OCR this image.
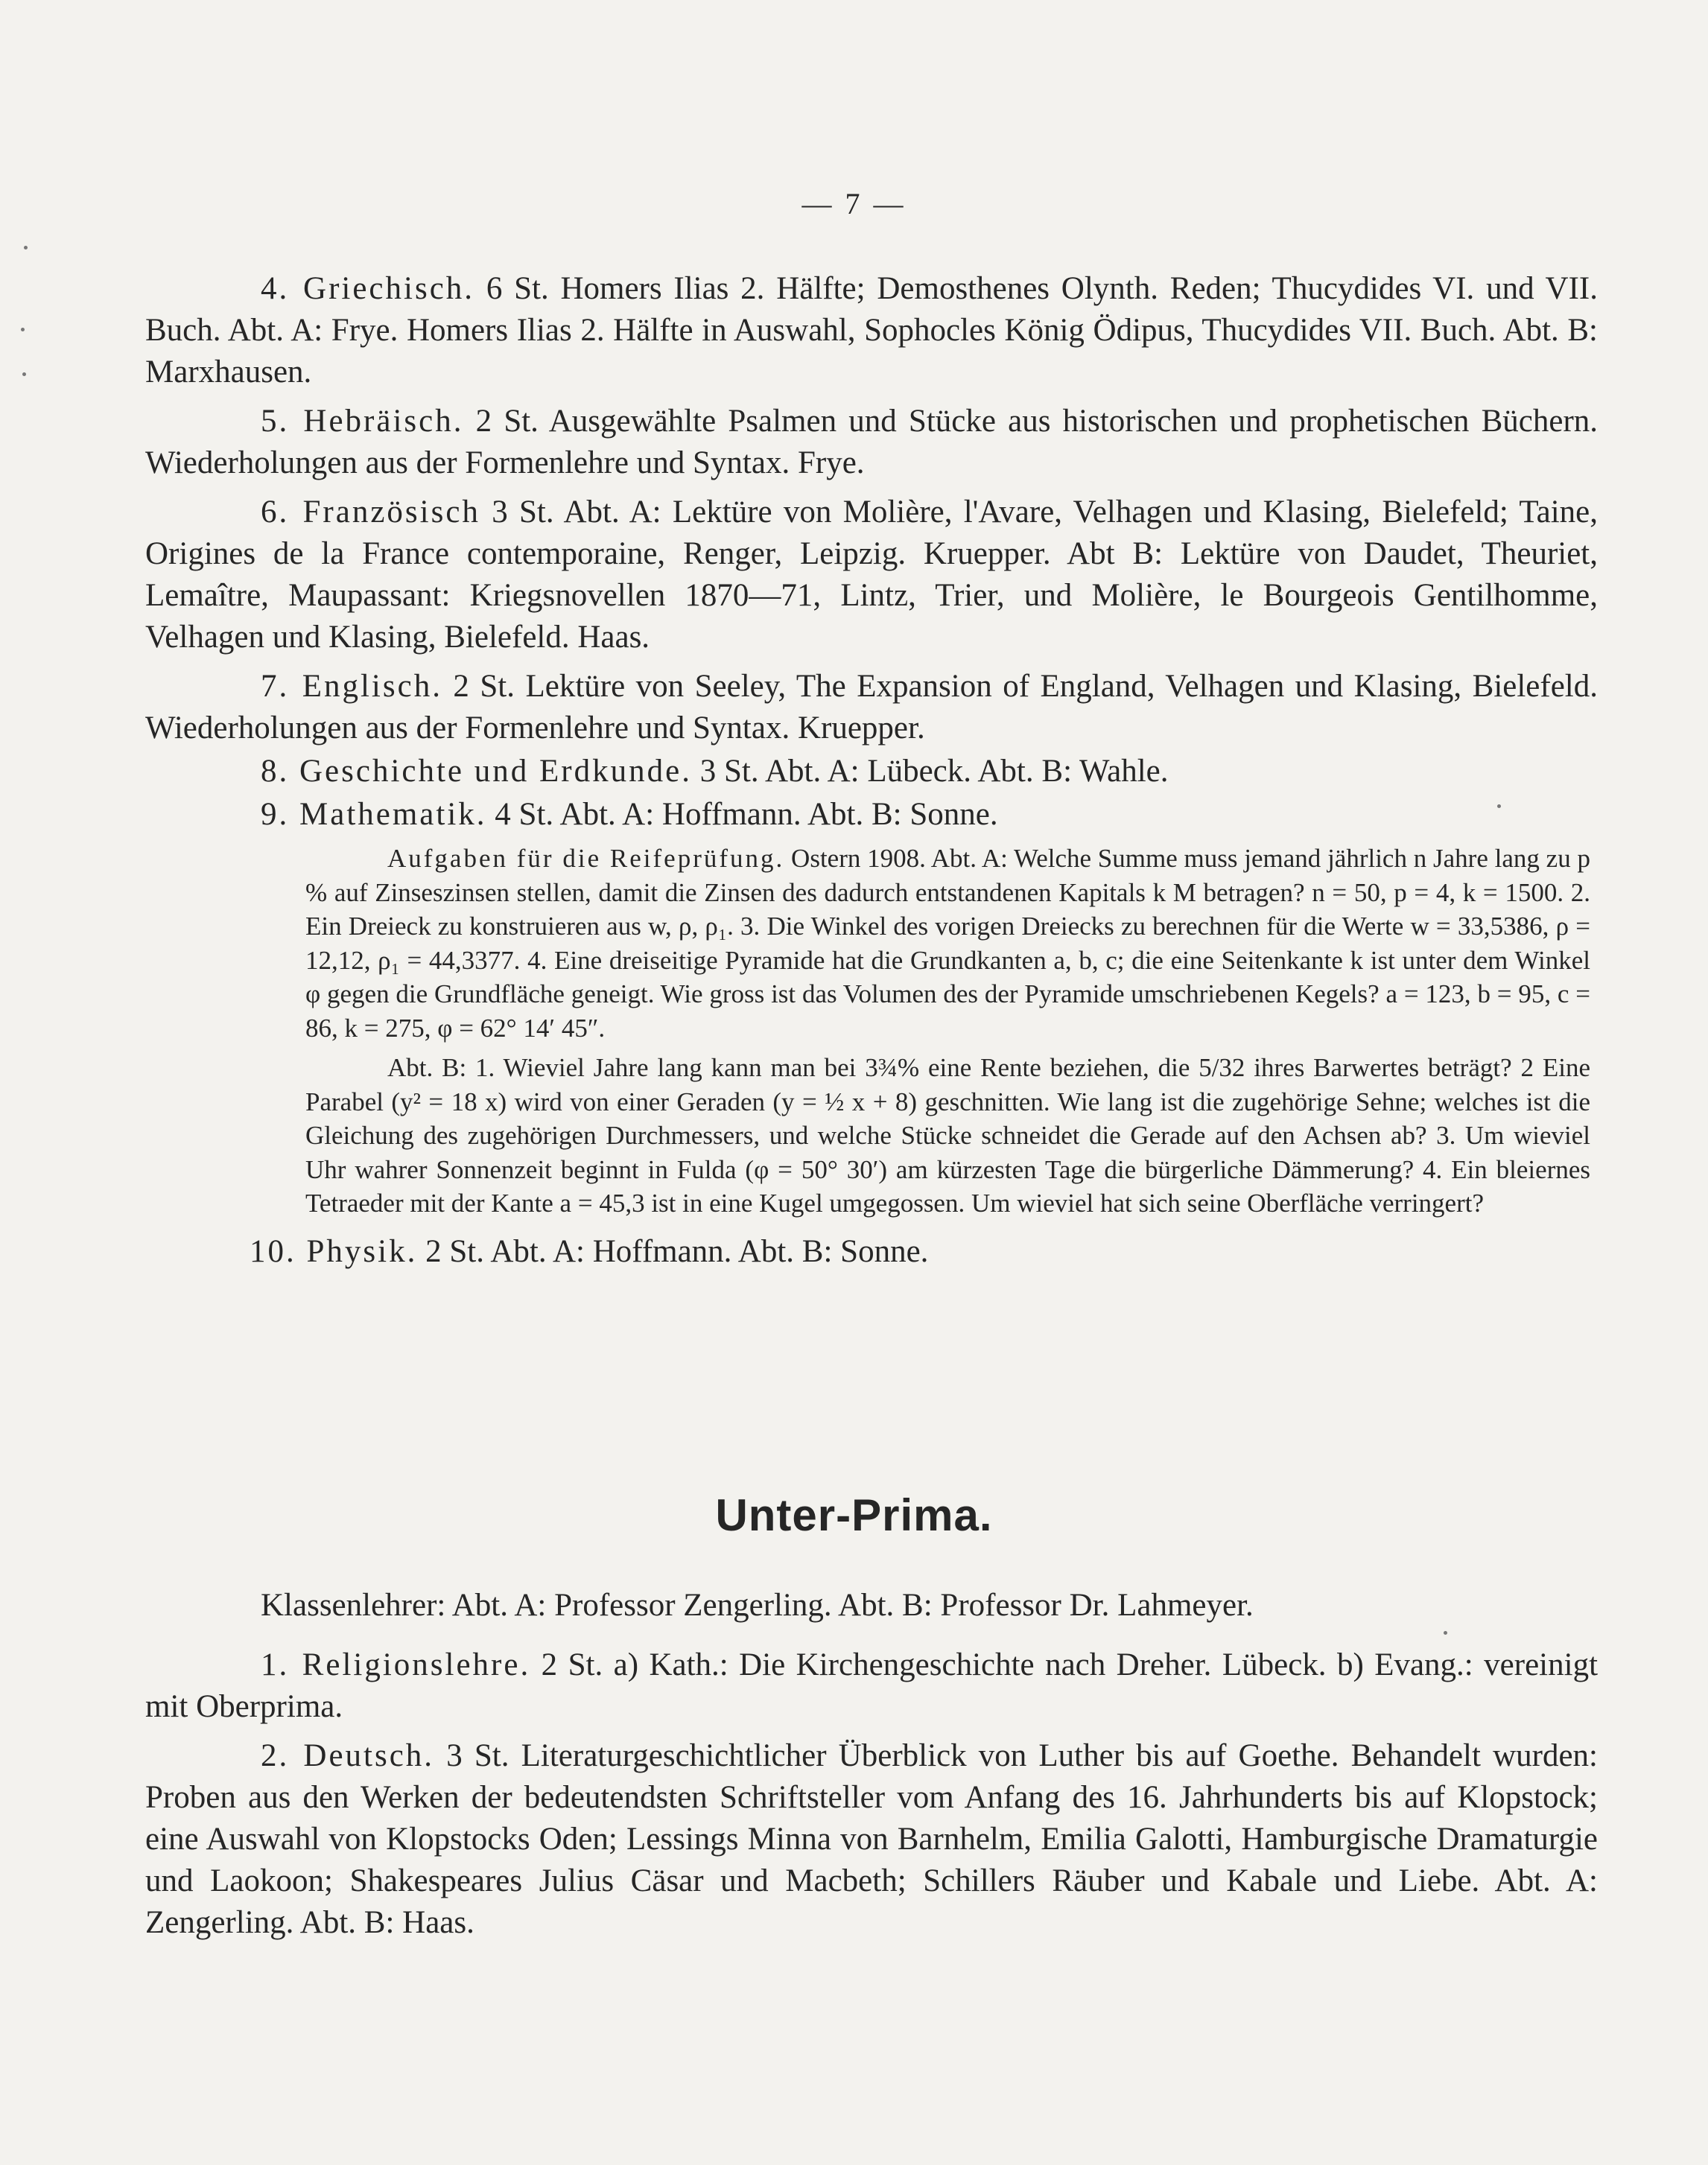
— 7 —

4. Griechisch. 6 St. Homers Ilias 2. Hälfte; Demosthenes Olynth. Reden; Thucydides VI. und VII. Buch. Abt. A: Frye. Homers Ilias 2. Hälfte in Auswahl, Sophocles König Ödipus, Thucydides VII. Buch. Abt. B: Marxhausen.

5. Hebräisch. 2 St. Ausgewählte Psalmen und Stücke aus historischen und prophetischen Büchern. Wiederholungen aus der Formenlehre und Syntax. Frye.

6. Französisch 3 St. Abt. A: Lektüre von Molière, l'Avare, Velhagen und Klasing, Bielefeld; Taine, Origines de la France contemporaine, Renger, Leipzig. Kruepper. Abt B: Lektüre von Daudet, Theuriet, Lemaître, Maupassant: Kriegsnovellen 1870—71, Lintz, Trier, und Molière, le Bourgeois Gentilhomme, Velhagen und Klasing, Bielefeld. Haas.

7. Englisch. 2 St. Lektüre von Seeley, The Expansion of England, Velhagen und Klasing, Bielefeld. Wiederholungen aus der Formenlehre und Syntax. Kruepper.

8. Geschichte und Erdkunde. 3 St. Abt. A: Lübeck. Abt. B: Wahle.

9. Mathematik. 4 St. Abt. A: Hoffmann. Abt. B: Sonne.

Aufgaben für die Reifeprüfung. Ostern 1908. Abt. A: Welche Summe muss jemand jährlich n Jahre lang zu p % auf Zinseszinsen stellen, damit die Zinsen des dadurch entstandenen Kapitals k M betragen? n = 50, p = 4, k = 1500. 2. Ein Dreieck zu konstruieren aus w, ρ, ρ₁. 3. Die Winkel des vorigen Dreiecks zu berechnen für die Werte w = 33,5386, ρ = 12,12, ρ₁ = 44,3377. 4. Eine dreiseitige Pyramide hat die Grundkanten a, b, c; die eine Seitenkante k ist unter dem Winkel φ gegen die Grundfläche geneigt. Wie gross ist das Volumen des der Pyramide umschriebenen Kegels? a = 123, b = 95, c = 86, k = 275, φ = 62° 14′ 45″.

Abt. B: 1. Wieviel Jahre lang kann man bei 3¾% eine Rente beziehen, die 5/32 ihres Barwertes beträgt? 2 Eine Parabel (y² = 18 x) wird von einer Geraden (y = ½ x + 8) geschnitten. Wie lang ist die zugehörige Sehne; welches ist die Gleichung des zugehörigen Durchmessers, und welche Stücke schneidet die Gerade auf den Achsen ab? 3. Um wieviel Uhr wahrer Sonnenzeit beginnt in Fulda (φ = 50° 30′) am kürzesten Tage die bürgerliche Dämmerung? 4. Ein bleiernes Tetraeder mit der Kante a = 45,3 ist in eine Kugel umgegossen. Um wieviel hat sich seine Oberfläche verringert?

10. Physik. 2 St. Abt. A: Hoffmann. Abt. B: Sonne.

Unter-Prima.

Klassenlehrer: Abt. A: Professor Zengerling. Abt. B: Professor Dr. Lahmeyer.

1. Religionslehre. 2 St. a) Kath.: Die Kirchengeschichte nach Dreher. Lübeck. b) Evang.: vereinigt mit Oberprima.

2. Deutsch. 3 St. Literaturgeschichtlicher Überblick von Luther bis auf Goethe. Behandelt wurden: Proben aus den Werken der bedeutendsten Schriftsteller vom Anfang des 16. Jahrhunderts bis auf Klopstock; eine Auswahl von Klopstocks Oden; Lessings Minna von Barnhelm, Emilia Galotti, Hamburgische Dramaturgie und Laokoon; Shakespeares Julius Cäsar und Macbeth; Schillers Räuber und Kabale und Liebe. Abt. A: Zengerling. Abt. B: Haas.
